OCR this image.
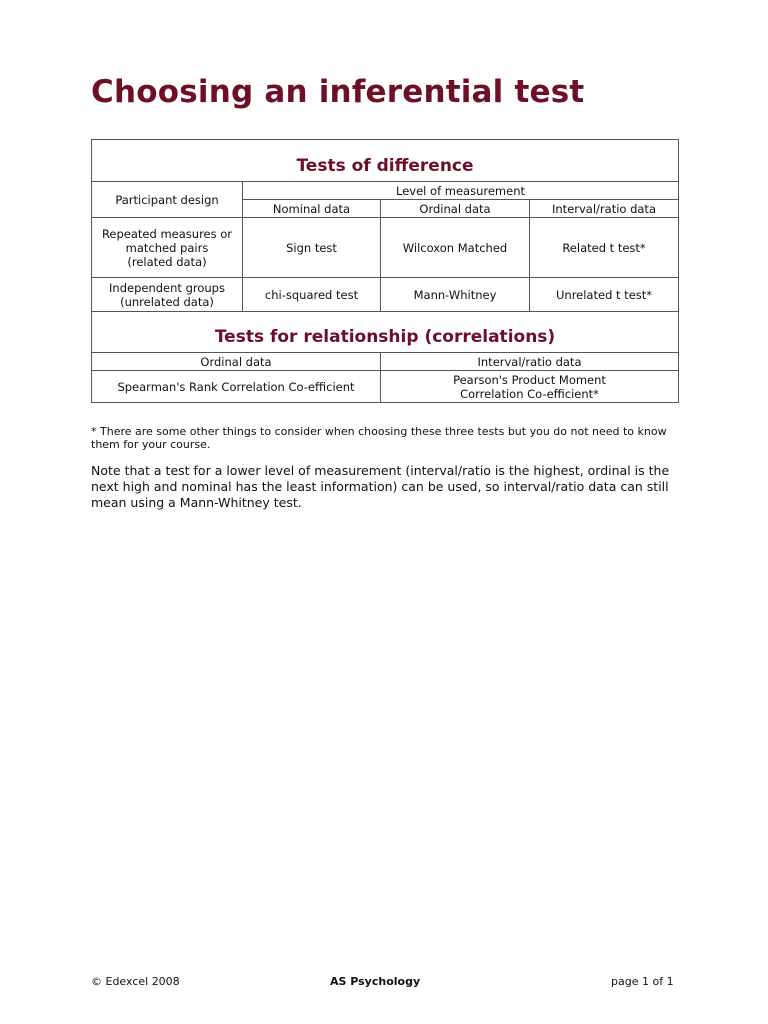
Choosing an inferential test
Tests of difference			
Participant design	Level of measurement		
	Nominal data	Ordinal data	Interval/ratio data

Repeated measures or
matched pairs
(related data)	Sign test	Wilcoxon Matched	Related t test*

Independent groups
(unrelated data)	chi-squared test	Mann-Whitney	Unrelated t test*
Tests for relationship (correlations)			
Ordinal data		Interval/ratio data	

Spearman's Rank Correlation Co-efficient		Pearson's Product Moment
Correlation Co-efficient*	

* There are some other things to consider when choosing these three tests but you do not need to know them for your course.

Note that a test for a lower level of measurement (interval/ratio is the highest, ordinal is the next high and nominal has the least information) can be used, so interval/ratio data can still mean using a Mann-Whitney test.

© Edexcel 2008	AS Psychology	page 1 of 1
